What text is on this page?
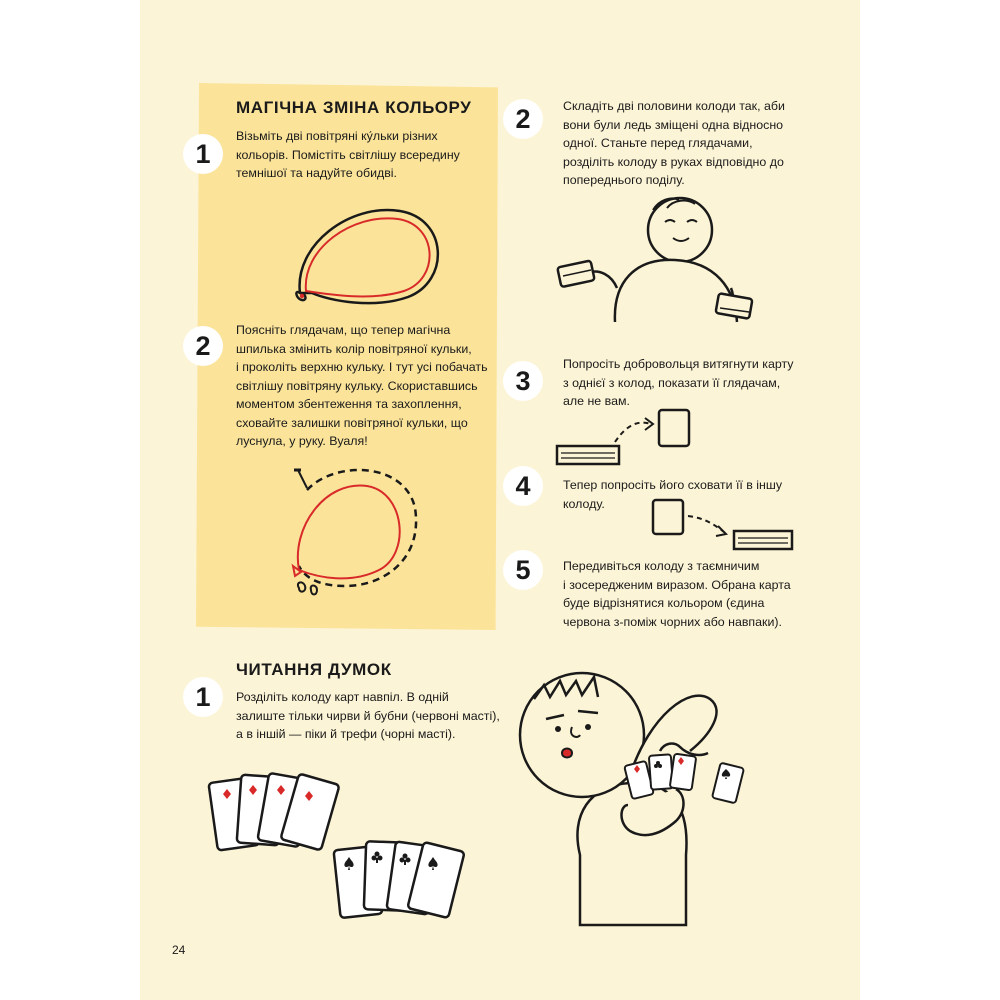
МАГІЧНА ЗМІНА КОЛЬОРУ
1
Візьміть дві повітряні ку́льки різних
кольорів. Помістіть світлішу всередину
темнішої та надуйте обидві.
2
Поясніть глядачам, що тепер магічна
шпилька змінить колір повітряної кульки,
і проколіть верхню кульку. І тут усі побачать
світлішу повітряну кульку. Скориставшись
моментом збентеження та захоплення,
сховайте залишки повітряної кульки, що
луснула, у руку. Вуаля!
2	Складіть дві половини колоди так, аби
вони були ледь зміщені одна відносно
одної. Станьте перед глядачами,
розділіть колоду в руках відповідно до
попереднього поділу.
3
Попросіть добровольця витягнути карту
з однієї з колод, показати її глядачам,
але не вам.
4	Тепер попросіть його сховати її в іншу
колоду.
5	Передивіться колоду з таємничим
і зосередженим виразом. Обрана карта
буде відрізнятися кольором (єдина
червона з-поміж чорних або навпаки).
ЧИТАННЯ ДУМОК
1	Розділіть колоду карт навпіл. В одній
залиште тільки чирви й бубни (червоні масті),
а в іншій — піки й трефи (чорні масті).
24
